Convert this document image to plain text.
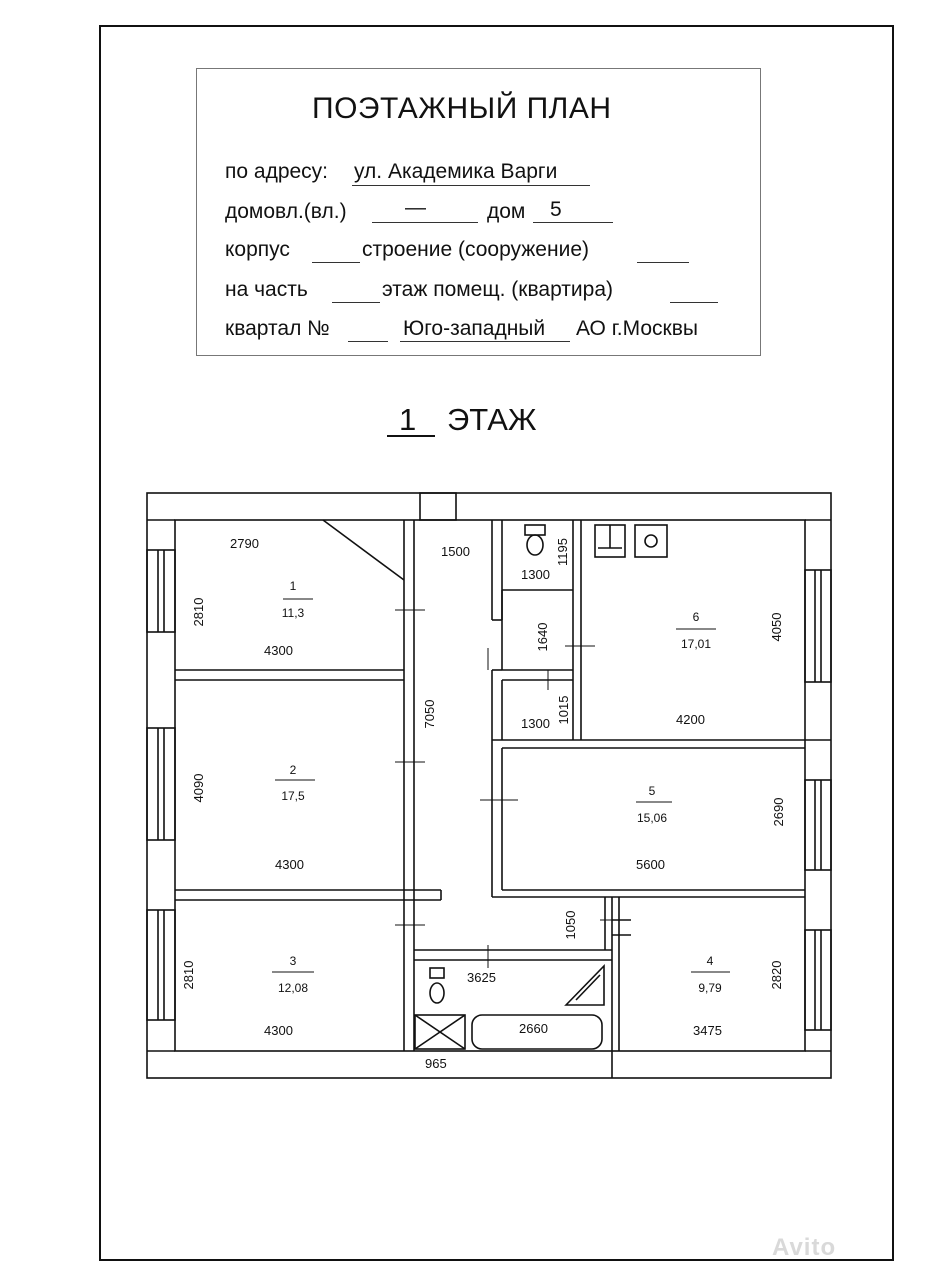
ПОЭТАЖНЫЙ ПЛАН
по адресу: ул. Академика Варги
домовл.(вл.)	—	дом 5
корпус	строение (сооружение)
на часть	этаж помещ. (квартира)
квартал №	Юго-западный АО г.Москвы
1 ЭТАЖ
1
11,3
2
17,5
3
12,08
4
9,79
5
15,06
6
17,01
2790
4300
4300
4300
1500
1300
1300	4200
5600
3625
2660
965
3475
2810
4090
2810
7050
1195
1640
1015
4050
2690
1050
2820
Avito
